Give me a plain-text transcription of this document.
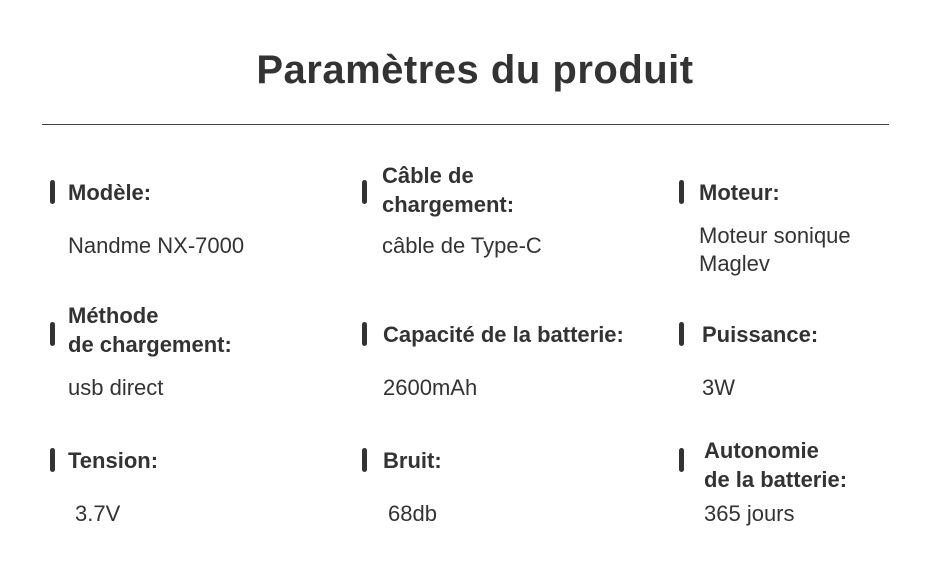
Paramètres du produit
Modèle:
Nandme NX-7000
Câble de
chargement:
câble de Type-C
Moteur:
Moteur sonique
Maglev
Méthode
de chargement:
usb direct
Capacité de la batterie:
2600mAh
Puissance:
3W
Tension:
3.7V
Bruit:
68db
Autonomie
de la batterie:
365 jours
